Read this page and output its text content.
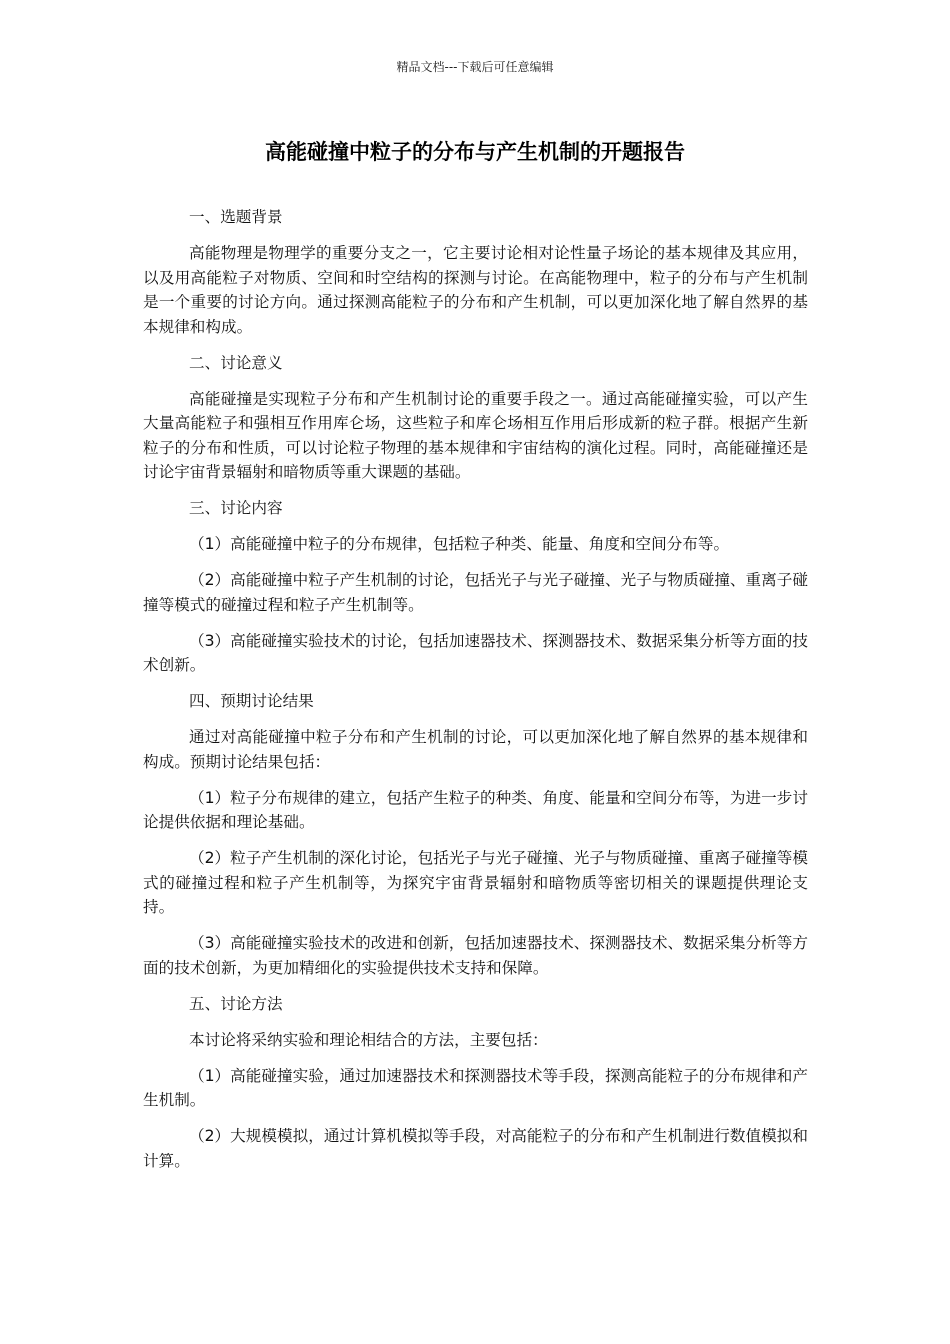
精品文档---下载后可任意编辑
高能碰撞中粒子的分布与产生机制的开题报告

一、选题背景

高能物理是物理学的重要分支之一，它主要讨论相对论性量子场论的基本规律及其应用，以及用高能粒子对物质、空间和时空结构的探测与讨论。在高能物理中，粒子的分布与产生机制是一个重要的讨论方向。通过探测高能粒子的分布和产生机制，可以更加深化地了解自然界的基本规律和构成。

二、讨论意义

高能碰撞是实现粒子分布和产生机制讨论的重要手段之一。通过高能碰撞实验，可以产生大量高能粒子和强相互作用库仑场，这些粒子和库仑场相互作用后形成新的粒子群。根据产生新粒子的分布和性质，可以讨论粒子物理的基本规律和宇宙结构的演化过程。同时，高能碰撞还是讨论宇宙背景辐射和暗物质等重大课题的基础。

三、讨论内容

（1）高能碰撞中粒子的分布规律，包括粒子种类、能量、角度和空间分布等。

（2）高能碰撞中粒子产生机制的讨论，包括光子与光子碰撞、光子与物质碰撞、重离子碰撞等模式的碰撞过程和粒子产生机制等。

（3）高能碰撞实验技术的讨论，包括加速器技术、探测器技术、数据采集分析等方面的技术创新。

四、预期讨论结果

通过对高能碰撞中粒子分布和产生机制的讨论，可以更加深化地了解自然界的基本规律和构成。预期讨论结果包括：

（1）粒子分布规律的建立，包括产生粒子的种类、角度、能量和空间分布等，为进一步讨论提供依据和理论基础。

（2）粒子产生机制的深化讨论，包括光子与光子碰撞、光子与物质碰撞、重离子碰撞等模式的碰撞过程和粒子产生机制等，为探究宇宙背景辐射和暗物质等密切相关的课题提供理论支持。

（3）高能碰撞实验技术的改进和创新，包括加速器技术、探测器技术、数据采集分析等方面的技术创新，为更加精细化的实验提供技术支持和保障。

五、讨论方法

本讨论将采纳实验和理论相结合的方法，主要包括：

（1）高能碰撞实验，通过加速器技术和探测器技术等手段，探测高能粒子的分布规律和产生机制。

（2）大规模模拟，通过计算机模拟等手段，对高能粒子的分布和产生机制进行数值模拟和计算。
